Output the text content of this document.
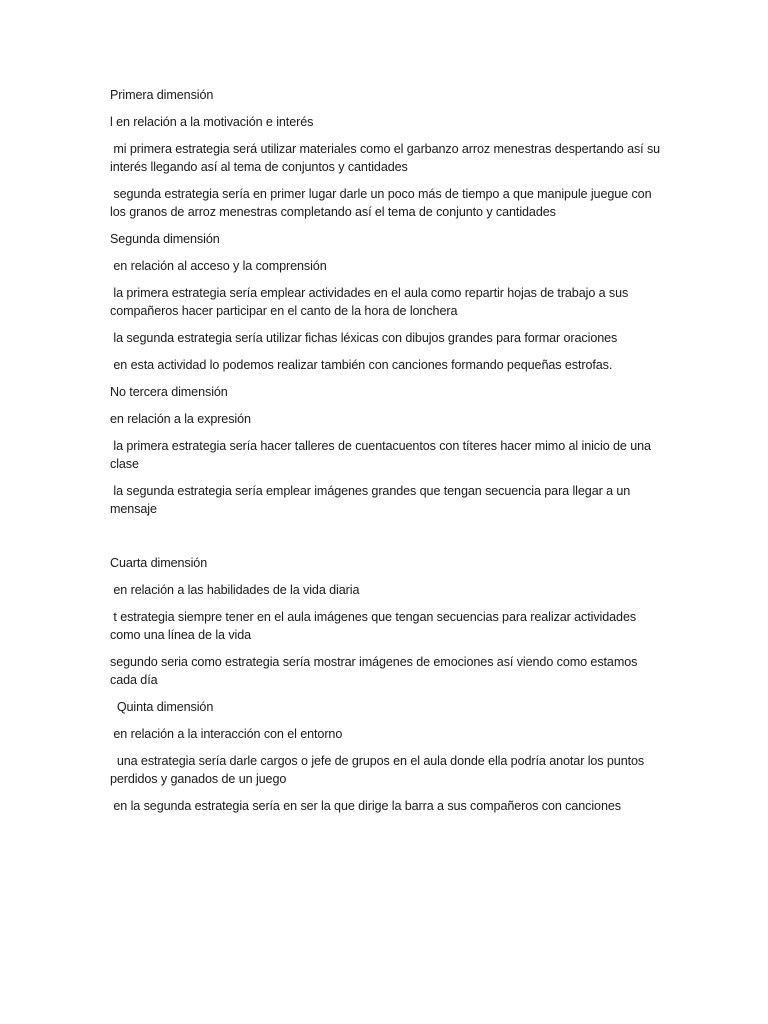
Primera dimensión

l en relación a la motivación e interés

mi primera estrategia será utilizar materiales como el garbanzo arroz menestras despertando así su interés llegando así al tema de conjuntos y cantidades

segunda estrategia sería en primer lugar darle un poco más de tiempo a que manipule juegue con los granos de arroz menestras completando así el tema de conjunto y cantidades

Segunda dimensión

en relación al acceso y la comprensión

la primera estrategia sería emplear actividades en el aula como repartir hojas de trabajo a sus compañeros hacer participar en el canto de la hora de lonchera

la segunda estrategia sería utilizar fichas léxicas con dibujos grandes para formar oraciones

en esta actividad lo podemos realizar también con canciones formando pequeñas estrofas.

No tercera dimensión

en relación a la expresión

la primera estrategia sería hacer talleres de cuentacuentos con títeres hacer mimo al inicio de una clase

la segunda estrategia sería emplear imágenes grandes que tengan secuencia para llegar a un mensaje

Cuarta dimensión

en relación a las habilidades de la vida diaria

t estrategia siempre tener en el aula imágenes que tengan secuencias para realizar actividades como una línea de la vida

segundo seria como estrategia sería mostrar imágenes de emociones así viendo como estamos cada día

Quinta dimensión

en relación a la interacción con el entorno

una estrategia sería darle cargos o jefe de grupos en el aula donde ella podría anotar los puntos perdidos y ganados de un juego

en la segunda estrategia sería en ser la que dirige la barra a sus compañeros con canciones
